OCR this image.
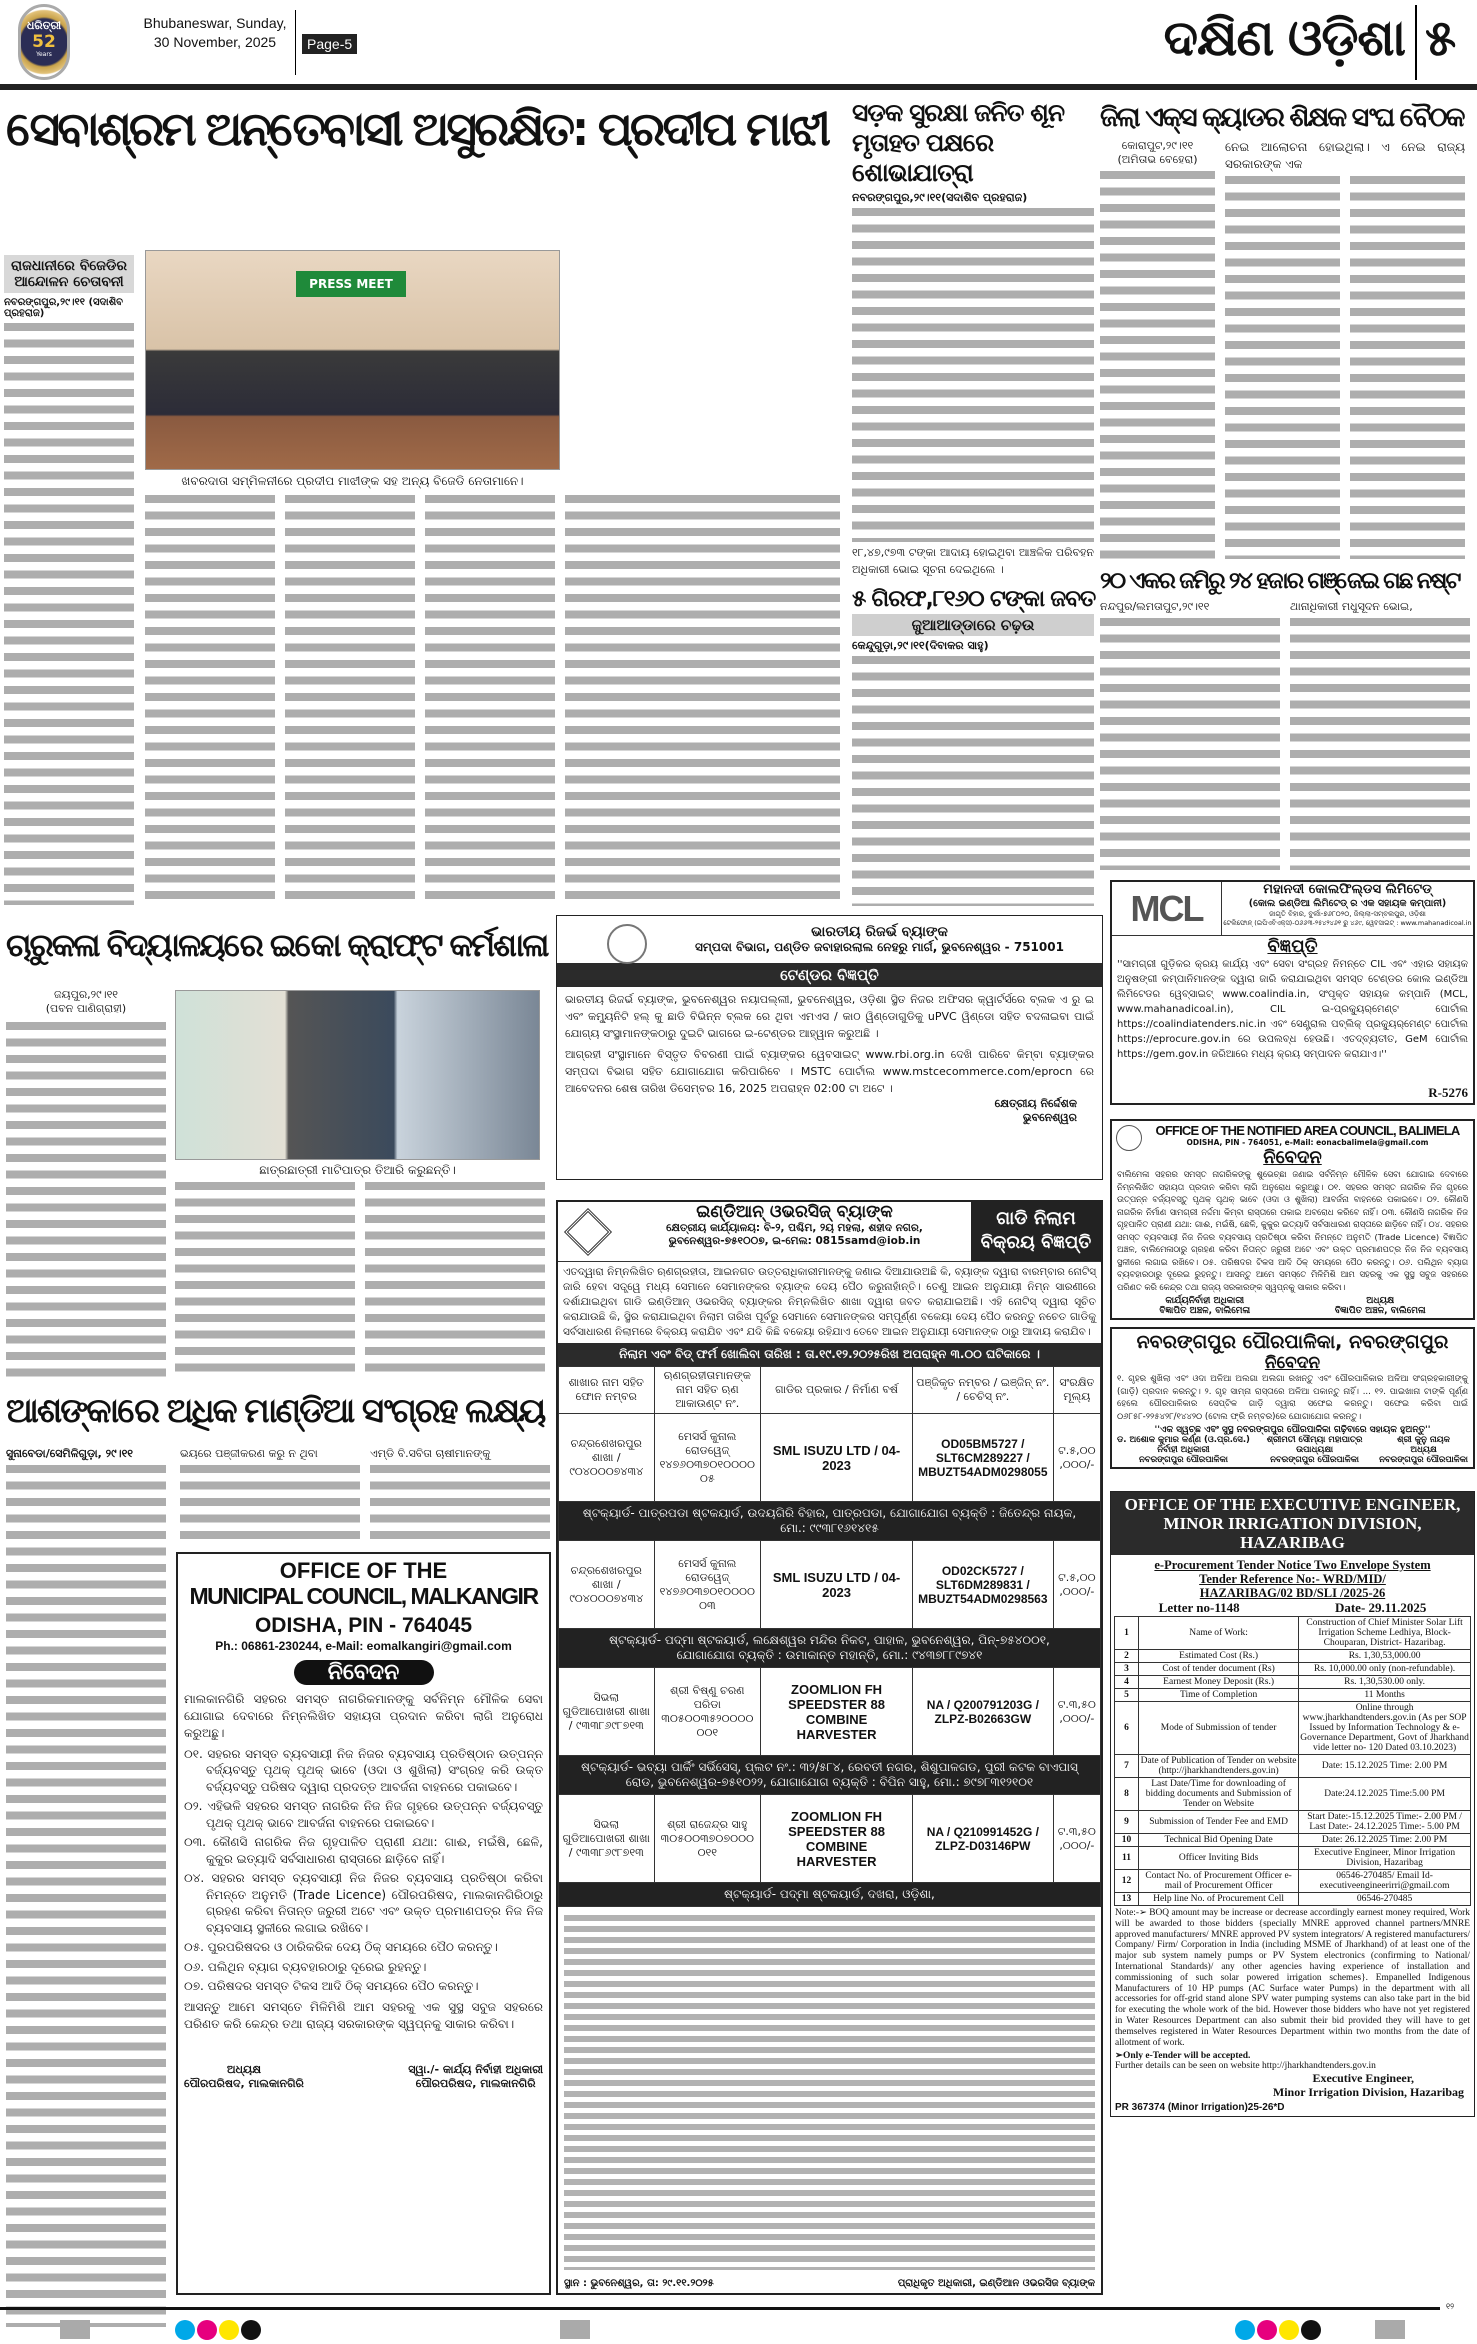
ଧରିତ୍ରୀ
52
Years
Bhubaneswar, Sunday,
30 November, 2025	Page-5	ଦକ୍ଷିଣ ଓଡ଼ିଶା ୫
ସେବାଶ୍ରମ ଅନ୍ତେବାସୀ ଅସୁରକ୍ଷିତ: ପ୍ରଦୀପ ମାଝୀ
ରାଜଧାନୀରେ ବିଜେଡିର ଆନ୍ଦୋଳନ ଚେତାବନୀ
ନବରଙ୍ଗପୁର,୨୯।୧୧ (ସଦାଶିବ ପ୍ରହରାଜ)
PRESS MEET
ଖବରଦାତା ସମ୍ମିଳନୀରେ ପ୍ରଦୀପ ମାଝୀଙ୍କ ସହ ଅନ୍ୟ ବିଜେଡି ନେତାମାନେ।
ସଡ଼କ ସୁରକ୍ଷା ଜନିତ ଶୂନ ମୃତାହତ ପକ୍ଷରେ ଶୋଭାଯାତ୍ରା
ନବରଙ୍ଗପୁର,୨୯।୧୧(ସଦାଶିବ ପ୍ରହରାଜ)
୧୮,୪୭,୯୭୩ ଟଙ୍କା ଆଦାୟ ହୋଇଥିବା ଆଞ୍ଚଳିକ ପରିବହନ ଅଧିକାରୀ ଭୋଇ ସୂଚନା ଦେଇଥିଲେ ।
୫ ଗିରଫ,୮୧୬୦ ଟଙ୍କା ଜବତ
ଜୁଆଆଡ୍ଡାରେ ଚଢ଼ଉ
କେନ୍ଦୁଗୁଡ଼ା,୨୯।୧୧(ଦିବାକର ସାହୁ)
ଜିଲା ଏକ୍ସ କ୍ୟାଡର ଶିକ୍ଷକ ସଂଘ ବୈଠକ
କୋରାପୁଟ,୨୯।୧୧
(ଅମିତାଭ ବେହେରା)
ନେଇ ଆଲୋଚନା ହୋଇଥିଲା। ଏ ନେଇ ରାଜ୍ୟ ସରକାରଙ୍କ ଏକ
୨୦ ଏକର ଜମିରୁ ୨୪ ହଜାର ଗଞ୍ଜେଇ ଗଛ ନଷ୍ଟ
ନନ୍ଦପୁର/ଲମତାପୁଟ,୨୯।୧୧	ଥାନାଧିକାରୀ ମଧୁସୂଦନ ଭୋଇ,
ଚାରୁକଳା ବିଦ୍ୟାଳୟରେ ଇକୋ କ୍ରାଫ୍ଟ କର୍ମଶାଳା
ଜୟପୁର,୨୯।୧୧
(ପବନ ପାଣିଗ୍ରାହୀ)
ଛାତ୍ରଛାତ୍ରୀ ମାଟିପାତ୍ର ତିଆରି କରୁଛନ୍ତି।
ଆଶଙ୍କାରେ ଅଧିକ ମାଣ୍ଡିଆ ସଂଗ୍ରହ ଲକ୍ଷ୍ୟ
ସୁନାବେଡା/ସେମିଳିଗୁଡ଼ା, ୨୯।୧୧	ଭୟରେ ପଞ୍ଜୀକରଣ କରୁ ନ ଥିବା	ଏମ୍‌ଡି ବି.ସବିତା ଚାଷୀମାନଙ୍କୁ
OFFICE OF THE
MUNICIPAL COUNCIL, MALKANGIR
ODISHA, PIN - 764045
Ph.: 06861-230244, e-Mail: eomalkangiri@gmail.com
ନିବେଦନ
ମାଲକାନଗିରି ସହରର ସମସ୍ତ ନାଗରିକମାନଙ୍କୁ ସର୍ବନିମ୍ନ ମୌଳିକ ସେବା ଯୋଗାଇ ଦେବାରେ ନିମ୍ନଲିଖିତ ସହାୟତା ପ୍ରଦାନ କରିବା ଲାଗି ଅନୁରୋଧ କରୁଅଛୁ।
୦୧. ସହରର ସମସ୍ତ ବ୍ୟବସାୟୀ ନିଜ ନିଜର ବ୍ୟବସାୟ ପ୍ରତିଷ୍ଠାନ ଉତ୍ପନ୍ନ ବର୍ଜ୍ୟବସ୍ତୁ ପୃଥକ୍ ପୃଥକ୍ ଭାବେ (ଓଦା ଓ ଶୁଖିଲା) ସଂଗ୍ରହ କରି ଉକ୍ତ ବର୍ଜ୍ୟବସ୍ତୁ ପରିଷଦ ଦ୍ୱାରା ପ୍ରଦତ୍ତ ଆବର୍ଜନା ବାହନରେ ପକାଇବେ।
୦୨. ଏହିଭଳି ସହରର ସମସ୍ତ ନାଗରିକ ନିଜ ନିଜ ଗୃହରେ ଉତ୍ପନ୍ନ ବର୍ଜ୍ୟବସ୍ତୁ ପୃଥକ୍ ପୃଥକ୍ ଭାବେ ଆବର୍ଜନା ବାହନରେ ପକାଇବେ।
୦୩. କୌଣସି ନାଗରିକ ନିଜ ଗୃହପାଳିତ ପ୍ରାଣୀ ଯଥା: ଗାଈ, ମଇଁଷି, ଛେଳି, କୁକୁର ଇତ୍ୟାଦି ସର୍ବସାଧାରଣ ରାସ୍ତାରେ ଛାଡ଼ିବେ ନାହିଁ।
୦୪. ସହରର ସମସ୍ତ ବ୍ୟବସାୟୀ ନିଜ ନିଜର ବ୍ୟବସାୟ ପ୍ରତିଷ୍ଠା କରିବା ନିମନ୍ତେ ଅନୁମତି (Trade Licence) ପୌରପରିଷଦ, ମାଲକାନଗିରିଠାରୁ ଗ୍ରହଣ କରିବା ନିତାନ୍ତ ଜରୁରୀ ଅଟେ ଏବଂ ଉକ୍ତ ପ୍ରମାଣପତ୍ର ନିଜ ନିଜ ବ୍ୟବସାୟ ସ୍ଥଳୀରେ ଲଗାଇ ରଖିବେ।
୦୫. ପୁରପରିଷଦର ଓ ଠାରିକରିକ ଦେୟ ଠିକ୍ ସମୟରେ ପୈଠ କରନ୍ତୁ।
୦୬. ପଲିଥିନ ବ୍ୟାଗ ବ୍ୟବହାରଠାରୁ ଦୂରେଇ ରୁହନ୍ତୁ।
୦୭. ପରିଷଦର ସମସ୍ତ ଟିକସ ଆଦି ଠିକ୍ ସମୟରେ ପୈଠ କରନ୍ତୁ।
ଆସନ୍ତୁ ଆମେ ସମସ୍ତେ ମିଳିମିଶି ଆମ ସହରକୁ ଏକ ସୁସ୍ଥ ସବୁଜ ସହରରେ ପରିଣତ କରି କେନ୍ଦ୍ର ତଥା ରାଜ୍ୟ ସରକାରଙ୍କ ସ୍ୱପ୍ନକୁ ସାକାର କରିବା।
ଅଧ୍ୟକ୍ଷ
ପୌରପରିଷଦ, ମାଲକାନଗିରି
ସ୍ୱା./- କାର୍ଯ୍ୟ ନିର୍ବାହୀ ଅଧିକାରୀ
ପୌରପରିଷଦ, ମାଲକାନଗିରି
ଭାରତୀୟ ରିଜର୍ଭ ବ୍ୟାଙ୍କ
ସମ୍ପଦା ବିଭାଗ, ପଣ୍ଡିତ ଜବାହାରଲାଲ ନେହରୁ ମାର୍ଗ, ଭୁବନେଶ୍ୱର - 751001
ଟେଣ୍ଡର ବିଜ୍ଞପ୍ତି
ଭାରତୀୟ ରିଜର୍ଭ ବ୍ୟାଙ୍କ, ଭୁବନେଶ୍ୱର ନୟାପଲ୍ଲୀ, ଭୁବନେଶ୍ୱର, ଓଡ଼ିଶା ସ୍ଥିତ ନିଜର ଅଫିସର କ୍ୱାର୍ଟର୍ସରେ ବ୍ଲକ ଏ ରୁ ଇ ଏବଂ କମ୍ୟୁନିଟି ହଲ୍ କୁ ଛାଡି ବିଭିନ୍ନ ବ୍ଲକ ରେ ଥିବା ଏମଏସ / କାଠ ୱିଣ୍ଡୋଗୁଡିକୁ uPVC ୱିଣ୍ଡୋ ସହିତ ବଦଳାଇବା ପାଇଁ ଯୋଗ୍ୟ ସଂସ୍ଥାମାନଙ୍କଠାରୁ ଦୁଇଟି ଭାଗରେ ଇ-ଟେଣ୍ଡର ଆହ୍ୱାନ କରୁଅଛି ।
ଆଗ୍ରହୀ ସଂସ୍ଥାମାନେ ବିସ୍ତୃତ ବିବରଣୀ ପାଇଁ ବ୍ୟାଙ୍କର ୱେବସାଇଟ୍ www.rbi.org.in ଦେଖି ପାରିବେ କିମ୍ବା ବ୍ୟାଙ୍କର ସମ୍ପଦା ବିଭାଗ ସହିତ ଯୋଗାଯୋଗ କରିପାରିବେ । MSTC ପୋର୍ଟାଲ www.mstcecommerce.com/eprocn ରେ ଆବେଦନର ଶେଷ ତାରିଖ ଡିସେମ୍ବର 16, 2025 ଅପରାହ୍ନ 02:00 ଟା ଅଟେ ।
କ୍ଷେତ୍ରୀୟ ନିର୍ଦ୍ଦେଶକ
ଭୁବନେଶ୍ୱର
ଇଣ୍ଡିଆନ୍ ଓଭରସିଜ୍ ବ୍ୟାଙ୍କ
କ୍ଷେତ୍ରୀୟ କାର୍ଯ୍ୟାଳୟ: ବି-୨, ପଶ୍ଚିମ, ୨ୟ ମହଲା, ଶହୀଦ ନଗର,
ଭୁବନେଶ୍ୱର-୭୫୧୦୦୭, ଇ-ମେଲ: 0815samd@iob.in
ଗାଡି ନିଲାମ ବିକ୍ରୟ ବିଜ୍ଞପ୍ତି
ଏତଦ୍ୱାରା ନିମ୍ନଲିଖିତ ଋଣଗ୍ରହୀତା, ଆଇନଗତ ଉତ୍ତରାଧିକାରୀମାନଙ୍କୁ ଜଣାଇ ଦିଆଯାଉଅଛି କି, ବ୍ୟାଙ୍କ ଦ୍ୱାରା ବାରମ୍ବାର ନୋଟିସ୍ ଜାରି ହେବା ସତ୍ତ୍ୱେ ମଧ୍ୟ ସେମାନେ ସେମାନଙ୍କର ବ୍ୟାଙ୍କ ଦେୟ ପୈଠ କରୁନାହାଁନ୍ତି। ତେଣୁ ଆଇନ ଅନୁଯାୟୀ ନିମ୍ନ ସାରଣୀରେ ଦର୍ଶାଯାଇଥିବା ଗାଡି ଇଣ୍ଡିଆନ୍ ଓଭରସିଜ୍ ବ୍ୟାଙ୍କର ନିମ୍ନଲିଖିତ ଶାଖା ଦ୍ୱାରା ଜବତ କରାଯାଇଅଛି। ଏହି ନୋଟିସ୍ ଦ୍ୱାରା ସୂଚିତ କରାଯାଉଛି କି, ସ୍ଥିର କରାଯାଇଥିବା ନିଲାମ ତାରିଖ ପୂର୍ବରୁ ସେମାନେ ସେମାନଙ୍କର ସମ୍ପୂର୍ଣ୍ଣ ବକେୟା ଦେୟ ପୈଠ କରନ୍ତୁ ନଚେତ ଗାଡିକୁ ସର୍ବସାଧାରଣ ନିଲାମରେ ବିକ୍ରୟ କରାଯିବ ଏବଂ ଯଦି କିଛି ବକେୟା ରହିଯାଏ ତେବେ ଆଇନ ଅନୁଯାୟୀ ସେମାନଙ୍କ ଠାରୁ ଆଦାୟ କରାଯିବ।
ନିଲାମ ଏବଂ ବିଡ୍ ଫର୍ମ ଖୋଲିବା ତାରିଖ : ତା.୧୯.୧୨.୨୦୨୫ରିଖ ଅପରାହ୍ନ ୩.୦୦ ଘଟିକାରେ ।
ଶାଖାର ନାମ ସହିତ ଫୋନ ନମ୍ବର	ଋଣଗ୍ରହୀତାମାନଙ୍କ ନାମ ସହିତ ଋଣ ଆକାଉଣ୍ଟ ନଂ.	ଗାଡିର ପ୍ରକାର / ନିର୍ମାଣ ବର୍ଷ	ପଞ୍ଜିକୃତ ନମ୍ବର / ଇଞ୍ଜିନ୍ ନଂ. / ଚେଚିସ୍ ନଂ.	ସଂରକ୍ଷିତ ମୂଲ୍ୟ
ଚନ୍ଦ୍ରଶେଖରପୁର ଶାଖା / ୯୦୪୦୦୦୭୪୩୪	ମେସର୍ସ କୁନାଲ ରୋଡୱେଜ୍ ୧୪୭୬୦୩୭୦୧୦୦୦୦୦୫	SML ISUZU LTD / 04-2023	OD05BM5727 / SLT6CM289227 / MBUZT54ADM0298055	ଟ.୫,୦୦,୦୦୦/-
ଷ୍ଟକ୍‌ୟାର୍ଡ- ପାତ୍ରପଡା ଷ୍ଟକୟାର୍ଡ, ଉଦୟଗିରି ବିହାର, ପାତ୍ରପଡା, ଯୋଗାଯୋଗ ବ୍ୟକ୍ତି : ଜିତେନ୍ଦ୍ର ନାୟକ, ମୋ.: ୯୯୩୮୧୬୧୪୧୫				
ଚନ୍ଦ୍ରଶେଖରପୁର ଶାଖା / ୯୦୪୦୦୦୭୪୩୪	ମେସର୍ସ କୁନାଲ ରୋଡୱେଜ୍ ୧୪୭୬୦୩୭୦୧୦୦୦୦୦୩	SML ISUZU LTD / 04-2023	OD02CK5727 / SLT6DM289831 / MBUZT54ADM0298563	ଟ.୫,୦୦,୦୦୦/-
ଷ୍ଟକ୍‌ୟାର୍ଡ- ପଦ୍ମା ଷ୍ଟକୟାର୍ଡ, ଲକ୍ଷେଶ୍ୱର ମନ୍ଦିର ନିକଟ, ପାହାଳ, ଭୁବନେଶ୍ୱର, ପିନ୍-୭୫୪୦୦୧, ଯୋଗାଯୋଗ ବ୍ୟକ୍ତି : ଉମାକାନ୍ତ ମହାନ୍ତି, ମୋ.: ୯୪୩୭୮୮୯୭୪୧				
ସିଭଲା ଗୁଡିଆପୋଖରୀ ଶାଖା / ୯୩୩୮୬୯୮୭୧୩	ଶ୍ରୀ ବିଷ୍ଣୁ ଚରଣ ପରିଡା ୩୦୫୦୦୩୫୨୦୦୦୦୦୦୧	ZOOMLION FH SPEEDSTER 88 COMBINE HARVESTER	NA / Q200791203G / ZLPZ-B02663GW	ଟ.୩,୫୦,୦୦୦/-
ଷ୍ଟକ୍‌ୟାର୍ଡ- ଭବ୍ୟା ପାର୍କିଂ ସର୍ଭିସେସ୍, ପ୍ଲଟ ନଂ.: ୩୨/୫୮୪, ରେବତୀ ନଗର, ଶିଶୁପାଳଗଡ, ପୁରୀ କଟକ ବାଏପାସ୍ ରୋଡ, ଭୁବନେଶ୍ୱର-୭୫୧୦୨୨, ଯୋଗାଯୋଗ ବ୍ୟକ୍ତି : ବିପିନ ସାହୁ, ମୋ.: ୭୯୭୮୩୧୨୧୦୧				
ସିଭଲା ଗୁଡିଆପୋଖରୀ ଶାଖା / ୯୩୩୮୬୯୮୭୧୩	ଶ୍ରୀ ରାଜେନ୍ଦ୍ର ସାହୁ ୩୦୫୦୦୩୭୦୭୦୦୦୦୧୧	ZOOMLION FH SPEEDSTER 88 COMBINE HARVESTER	NA / Q210991452G / ZLPZ-D03146PW	ଟ.୩,୫୦,୦୦୦/-
ଷ୍ଟକ୍‌ୟାର୍ଡ- ପଦ୍ମା ଷ୍ଟକୟାର୍ଡ, ଦଖରା, ଓଡ଼ିଶା,				
ସ୍ଥାନ : ଭୁବନେଶ୍ୱର, ତା: ୨୯.୧୧.୨୦୨୫	ପ୍ରାଧିକୃତ ଅଧିକାରୀ, ଇଣ୍ଡିଆନ ଓଭରସିଜ ବ୍ୟାଙ୍କ
MCL	ମହାନଦୀ କୋଲଫିଲ୍ଡସ ଲିମିଟେଡ୍
(କୋଲ ଇଣ୍ଡିଆ ଲିମିଟେଡ୍ ର ଏକ ସହାୟକ କମ୍ପାନୀ)
ଜାଗୃତି ବିହାର, ବୁର୍ଲା-୭୬୮୦୨୦, ଜିଲ୍ଲା-ସମ୍ବଲପୁର, ଓଡ଼ିଶା
ଟେଲିଫୋନ୍ (ଇପିଏବିଏକ୍ସ)-୦୬୬୩-୨୫୪୨୪୬୧ ରୁ ୪୬୯, ୱେବସାଇଟ୍ : www.mahanadicoal.in
ବିଜ୍ଞପ୍ତି
''ସାମଗ୍ରୀ ଗୁଡ଼ିକର କ୍ରୟ କାର୍ଯ୍ୟ ଏବଂ ସେବା ସଂଗ୍ରହ ନିମନ୍ତେ CIL ଏବଂ ଏହାର ସହାୟକ ଅନୁଷଙ୍ଗୀ କମ୍ପାନିମାନଙ୍କ ଦ୍ୱାରା ଜାରି କରାଯାଇଥିବା ସମସ୍ତ ଟେଣ୍ଡର କୋଲ ଇଣ୍ଡିଆ ଲିମିଟେଡର ୱେବ୍‌ସାଇଟ୍ www.coalindia.in, ସଂପୃକ୍ତ ସହାୟକ କମ୍ପାନି (MCL, www.mahanadicoal.in), CIL ଇ-ପ୍ରକ୍ୟୁର୍‌ମେଣ୍ଟ ପୋର୍ଟାଲ https://coalindiatenders.nic.in ଏବଂ ସେଣ୍ଟ୍ରାଲ ପବ୍ଲିକ୍ ପ୍ରକ୍ୟୁର୍‌ମେଣ୍ଟ ପୋର୍ଟାଲ https://eprocure.gov.in ରେ ଉପଲବ୍ଧ ହେଉଛି। ଏତଦ୍‌ବ୍ୟତୀତ, GeM ପୋର୍ଟାଲ https://gem.gov.in ଜରିଆରେ ମଧ୍ୟ କ୍ରୟ ସମ୍ପାଦନ କରାଯାଏ।''
R-5276
OFFICE OF THE NOTIFIED AREA COUNCIL, BALIMELA
ODISHA, PIN - 764051, e-Mail: eonacbalimela@gmail.com
ନିବେଦନ
ବାଲିମେଳା ସହରର ସମସ୍ତ ନାଗରିକଙ୍କୁ ଶୁଭେଚ୍ଛା ଜଣାଇ ସର୍ବନିମ୍ନ ମୌଳିକ ସେବା ଯୋଗାଇ ଦେବାରେ ନିମ୍ନଲିଖିତ ସହାୟତା ପ୍ରଦାନ କରିବା ଲାଗି ଅନୁରୋଧ କରୁଅଛୁ। ୦୧. ସହରର ସମସ୍ତ ନାଗରିକ ନିଜ ଗୃହରେ ଉତ୍ପନ୍ନ ବର୍ଜ୍ୟବସ୍ତୁ ପୃଥକ୍ ପୃଥକ୍ ଭାବେ (ଓଦା ଓ ଶୁଖିଲା) ଆବର୍ଜନା ବାହନରେ ପକାଇବେ। ୦୨. କୌଣସି ନାଗରିକ ନିର୍ମାଣ ସାମଗ୍ରୀ ନର୍ଦ୍ଦମା କିମ୍ବା ରାସ୍ତାରେ ପକାଇ ଅବରୋଧ କରିବେ ନାହିଁ। ୦୩. କୌଣସି ନାଗରିକ ନିଜ ଗୃହପାଳିତ ପ୍ରାଣୀ ଯଥା: ଗାଈ, ମଇଁଷି, ଛେଳି, କୁକୁର ଇତ୍ୟାଦି ସର୍ବସାଧାରଣ ରାସ୍ତାରେ ଛାଡ଼ିବେ ନାହିଁ। ୦୪. ସହରର ସମସ୍ତ ବ୍ୟବସାୟୀ ନିଜ ନିଜର ବ୍ୟବସାୟ ପ୍ରତିଷ୍ଠା କରିବା ନିମନ୍ତେ ଅନୁମତି (Trade Licence) ବିଜ୍ଞାପିତ ଅଞ୍ଚଳ, ବାଲିମେଳାଠାରୁ ଗ୍ରହଣ କରିବା ନିତାନ୍ତ ଜରୁରୀ ଅଟେ ଏବଂ ଉକ୍ତ ପ୍ରମାଣପତ୍ର ନିଜ ନିଜ ବ୍ୟବସାୟ ସ୍ଥଳୀରେ ଲଗାଇ ରଖିବେ। ୦୫. ପରିଷଦର ଟିକସ ଆଦି ଠିକ୍ ସମୟରେ ପୈଠ କରନ୍ତୁ। ୦୬. ପଲିଥିନ ବ୍ୟାଗ ବ୍ୟବହାରଠାରୁ ଦୂରେଇ ରୁହନ୍ତୁ। ଆସନ୍ତୁ ଆମେ ସମସ୍ତେ ମିଳିମିଶି ଆମ ସହରକୁ ଏକ ସୁସ୍ଥ ସବୁଜ ସହରରେ ପରିଣତ କରି କେନ୍ଦ୍ର ତଥା ରାଜ୍ୟ ସରକାରଙ୍କ ସ୍ୱପ୍ନକୁ ସାକାର କରିବା।
କାର୍ଯ୍ୟନିର୍ବାହୀ ଅଧିକାରୀ
ବିଜ୍ଞାପିତ ଅଞ୍ଚଳ, ବାଲିମେଳା
ଅଧ୍ୟକ୍ଷ
ବିଜ୍ଞାପିତ ଅଞ୍ଚଳ, ବାଲିମେଳା
ନବରଙ୍ଗପୁର ପୌରପାଳିକା, ନବରଙ୍ଗପୁର
ନିବେଦନ
୧. ଗୃହର ଶୁଖିଲା ଏବଂ ଓଦା ଅଳିଆ ଅଲଗା ଅଲଗା ରଖନ୍ତୁ ଏବଂ ପୌରପାଳିକାର ଅଳିଆ ସଂଗ୍ରହକାରୀଙ୍କୁ (ଗାଡ଼ି) ପ୍ରଦାନ କରନ୍ତୁ। ୨. ଗୃହ ସାମ୍ନା ରାସ୍ତାରେ ଅଳିଆ ପକାନ୍ତୁ ନାହିଁ। ... ୧୨. ପାଇଖାନା ଟାଙ୍କି ପୂର୍ଣ୍ଣ ହେଲେ ପୌରପାଳିକାର ସେପ୍‌ଟିକ ଗାଡ଼ି ଦ୍ୱାରା ସଫେଇ କରନ୍ତୁ। ସଫେଇ କରିବା ପାଇଁ ୦୬୮୫୮-୨୨୫୪୨୮/୧୪୪୨୦ (ଟୋଲ ଫ୍ରି ନମ୍ବର)ରେ ଯୋଗାଯୋଗ କରନ୍ତୁ।
''ଏକ ସ୍ୱଚ୍ଛ ଏବଂ ସୁସ୍ଥ ନବରଙ୍ଗପୁର ପୌରପାଳିକା ଗଢ଼ିବାରେ ସହାୟକ ହୁଅନ୍ତୁ''
ଡ. ଅଶୋକ କୁମାର କର୍ଣ୍ଣ (ଓ.ପ୍ର.ସେ.)
ନିର୍ବାହୀ ଅଧିକାରୀ
ନବରଙ୍ଗପୁର ପୌରପାଳିକା
ଶ୍ରୀମତୀ ସୌମ୍ୟା ମହାପାତ୍ର
ଉପାଧ୍ୟକ୍ଷା
ନବରଙ୍ଗପୁର ପୌରପାଳିକା
ଶ୍ରୀ କୁନୁ ନାୟକ
ଅଧ୍ୟକ୍ଷ
ନବରଙ୍ଗପୁର ପୌରପାଳିକା
OFFICE OF THE EXECUTIVE ENGINEER,
MINOR IRRIGATION DIVISION,
HAZARIBAG
e-Procurement Tender Notice Two Envelope System
Tender Reference No:- WRD/MID/
HAZARIBAG/02 BD/SLI /2025-26
Letter no-1148	Date- 29.11.2025
1	Name of Work:	Construction of Chief Minister Solar Lift Irrigation Scheme Ledhiya, Block- Chouparan, District- Hazaribag.
2	Estimated Cost (Rs.)	Rs. 1,30,53,000.00
3	Cost of tender document (Rs)	Rs. 10,000.00 only (non-refundable).
4	Earnest Money Deposit (Rs.)	Rs. 1,30,530.00 only.
5	Time of Completion	11 Months
6	Mode of Submission of tender	Online through www.jharkhandtenders.gov.in (As per SOP Issued by Information Technology & e- Governance Department, Govt of Jharkhand vide letter no- 120 Dated 03.10.2023)
7	Date of Publication of Tender on website (http://jharkhandtenders.gov.in)	Date: 15.12.2025 Time: 2.00 PM
8	Last Date/Time for downloading of bidding documents and Submission of Tender on Website	Date:24.12.2025 Time:5.00 PM
9	Submission of Tender Fee and EMD	Start Date:-15.12.2025 Time:- 2.00 PM / Last Date:- 24.12.2025 Time:- 5.00 PM
10	Technical Bid Opening Date	Date: 26.12.2025 Time: 2.00 PM
11	Officer Inviting Bids	Executive Engineer, Minor Irrigation Division, Hazaribag
12	Contact No. of Procurement Officer e-mail of Procurement Officer	06546-270485/ Email Id- executiveengineerirri@gmail.com
13	Help line No. of Procurement Cell	06546-270485
Note:-➢ BOQ amount may be increase or decrease accordingly earnest money required, Work will be awarded to those bidders {specially MNRE approved channel partners/MNRE approved manufacturers/ MNRE approved PV system integrators/ A registered manufacturers/ Company/ Firm/ Corporation in India (including MSME of Jharkhand) of at least one of the major sub system namely pumps or PV System electronics (confirming to National/ International Standards)/ any other agencies having experience of installation and commissioning of such solar powered irrigation schemes}. Empanelled Indigenous Manufacturers of 10 HP pumps (AC Surface water Pumps) in the department with all accessories for off-grid stand alone SPV water pumping systems can also take part in the bid for executing the whole work of the bid. However those bidders who have not yet registered in Water Resources Department can also submit their bid provided they will have to get themselves registered in Water Resources Department within two months from the date of allotment of work.
➢Only e-Tender will be accepted.
Further details can be seen on website http://jharkhandtenders.gov.in
Executive Engineer,
Minor Irrigation Division, Hazaribag
PR 367374 (Minor Irrigation)25-26*D
୧୨
